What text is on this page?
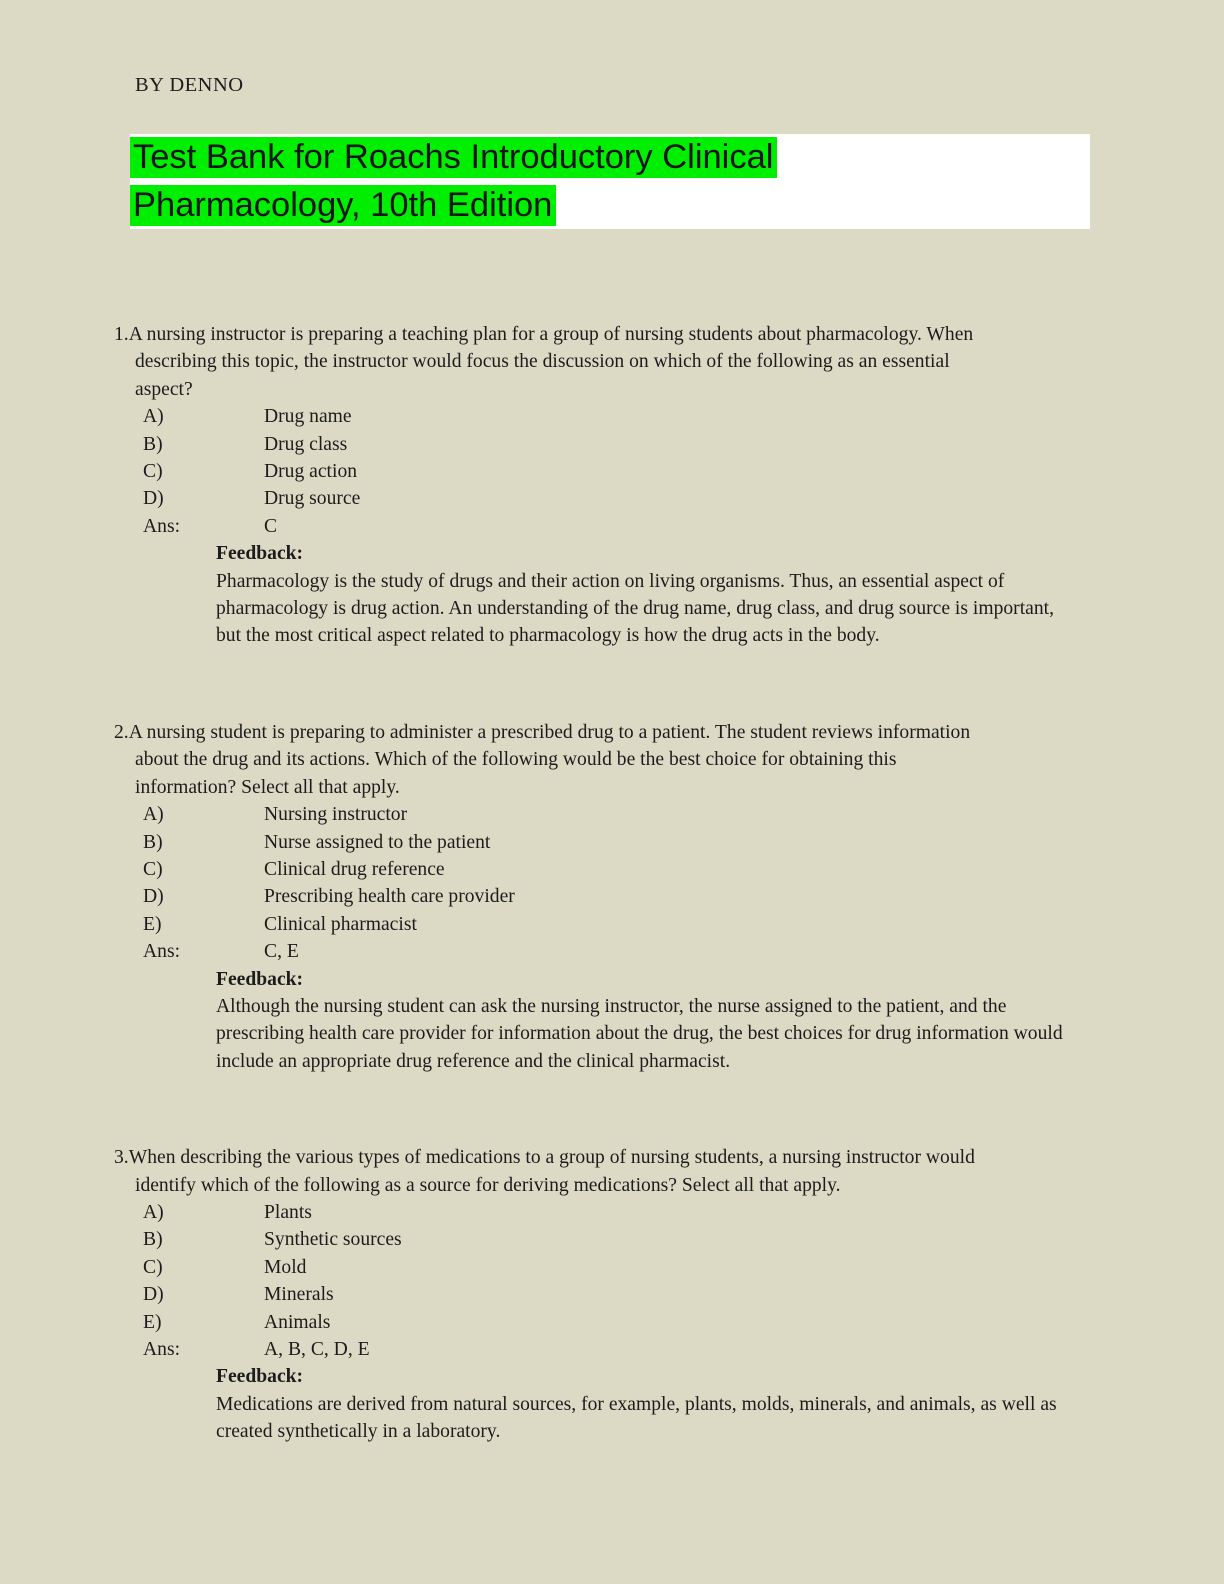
BY DENNO
Test Bank for Roachs Introductory Clinical
Pharmacology, 10th Edition

1.A nursing instructor is preparing a teaching plan for a group of nursing students about pharmacology. When describing this topic, the instructor would focus the discussion on which of the following as an essential aspect?

A)	Drug name
B)	Drug class
C)	Drug action
D)	Drug source
Ans:	C
Feedback:
Pharmacology is the study of drugs and their action on living organisms. Thus, an essential aspect of pharmacology is drug action. An understanding of the drug name, drug class, and drug source is important, but the most critical aspect related to pharmacology is how the drug acts in the body.

2.A nursing student is preparing to administer a prescribed drug to a patient. The student reviews information about the drug and its actions. Which of the following would be the best choice for obtaining this information? Select all that apply.

A)	Nursing instructor
B)	Nurse assigned to the patient
C)	Clinical drug reference
D)	Prescribing health care provider
E)	Clinical pharmacist
Ans:	C, E
Feedback:
Although the nursing student can ask the nursing instructor, the nurse assigned to the patient, and the prescribing health care provider for information about the drug, the best choices for drug information would include an appropriate drug reference and the clinical pharmacist.

3.When describing the various types of medications to a group of nursing students, a nursing instructor would identify which of the following as a source for deriving medications? Select all that apply.

A)	Plants
B)	Synthetic sources
C)	Mold
D)	Minerals
E)	Animals
Ans:	A, B, C, D, E
Feedback:
Medications are derived from natural sources, for example, plants, molds, minerals, and animals, as well as created synthetically in a laboratory.
